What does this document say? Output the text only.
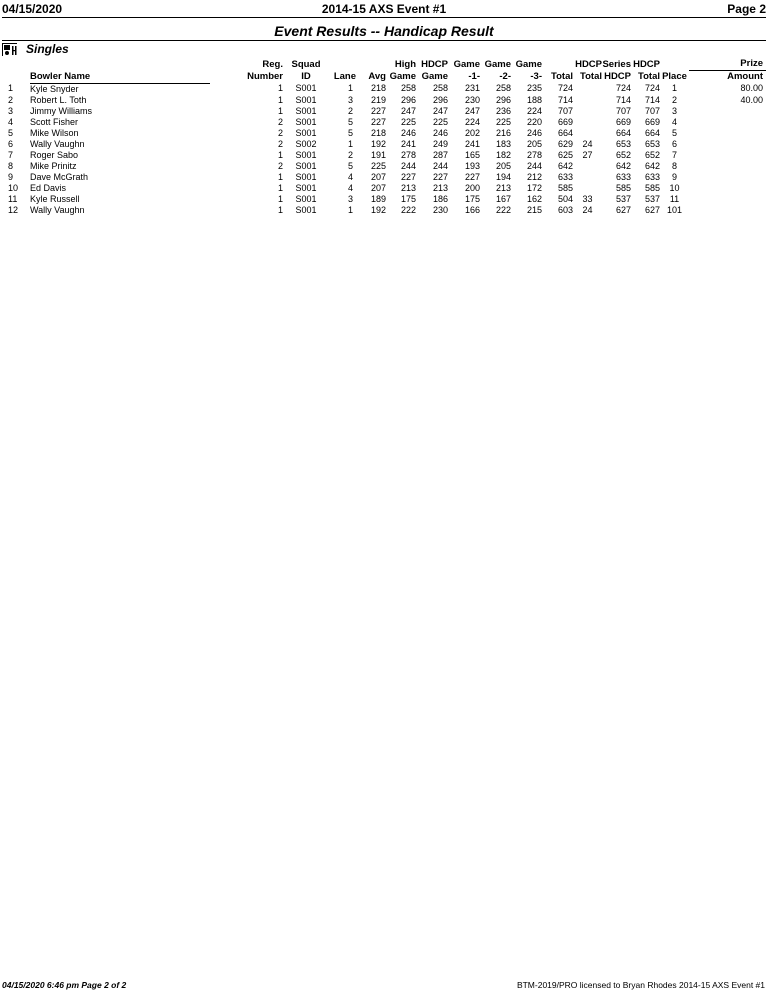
04/15/2020	2014-15 AXS Event #1	Page 2
Event Results -- Handicap Result
Singles
		Reg.	Squad			High	HDCP	Game	Game	Game		HDCP	Series	HDCP		Prize	
	Bowler Name	Number	ID	Lane	Avg	Game	Game	-1-	-2-	-3-	Total	Total	HDCP	Total	Place	Amount	
1	Kyle Snyder	1	S001	1	218	258	258	231	258	235	724		724	724	1		80.00
2	Robert L. Toth	1	S001	3	219	296	296	230	296	188	714		714	714	2		40.00
3	Jimmy Williams	1	S001	2	227	247	247	247	236	224	707		707	707	3		
4	Scott Fisher	2	S001	5	227	225	225	224	225	220	669		669	669	4		
5	Mike Wilson	2	S001	5	218	246	246	202	216	246	664		664	664	5		
6	Wally Vaughn	2	S002	1	192	241	249	241	183	205	629	24	653	653	6		
7	Roger Sabo	1	S001	2	191	278	287	165	182	278	625	27	652	652	7		
8	Mike Prinitz	2	S001	5	225	244	244	193	205	244	642		642	642	8		
9	Dave McGrath	1	S001	4	207	227	227	227	194	212	633		633	633	9		
10	Ed Davis	1	S001	4	207	213	213	200	213	172	585		585	585	10		
11	Kyle Russell	1	S001	3	189	175	186	175	167	162	504	33	537	537	11		
12	Wally Vaughn	1	S001	1	192	222	230	166	222	215	603	24	627	627	101		
04/15/2020 6:46 pm Page 2 of 2	BTM-2019/PRO licensed to Bryan Rhodes 2014-15 AXS Event #1
